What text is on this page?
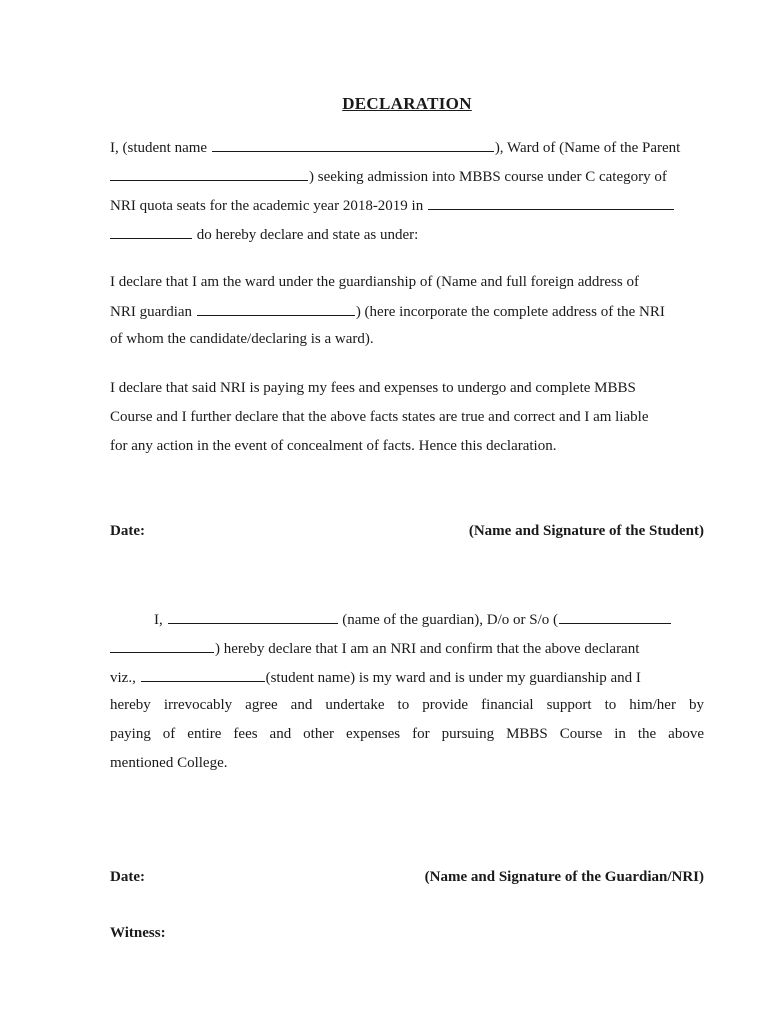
DECLARATION
I, (student name	), Ward of (Name of the Parent
) seeking admission into MBBS course under C category of
NRI quota seats for the academic year 2018-2019 in
do hereby declare and state as under:
I declare that I am the ward under the guardianship of (Name and full foreign address of
NRI guardian	) (here incorporate the complete address of the NRI
of whom the candidate/declaring is a ward).
I declare that said NRI is paying my fees and expenses to undergo and complete MBBS
Course and I further declare that the above facts states are true and correct and I am liable
for any action in the event of concealment of facts. Hence this declaration.
Date:	(Name and Signature of the Student)
I,	(name of the guardian), D/o or S/o (
) hereby declare that I am an NRI and confirm that the above declarant
viz.,	(student name) is my ward and is under my guardianship and I
hereby irrevocably agree and undertake to provide financial support to him/her by
paying of entire fees and other expenses for pursuing MBBS Course in the above
mentioned College.
Date:	(Name and Signature of the Guardian/NRI)
Witness:
